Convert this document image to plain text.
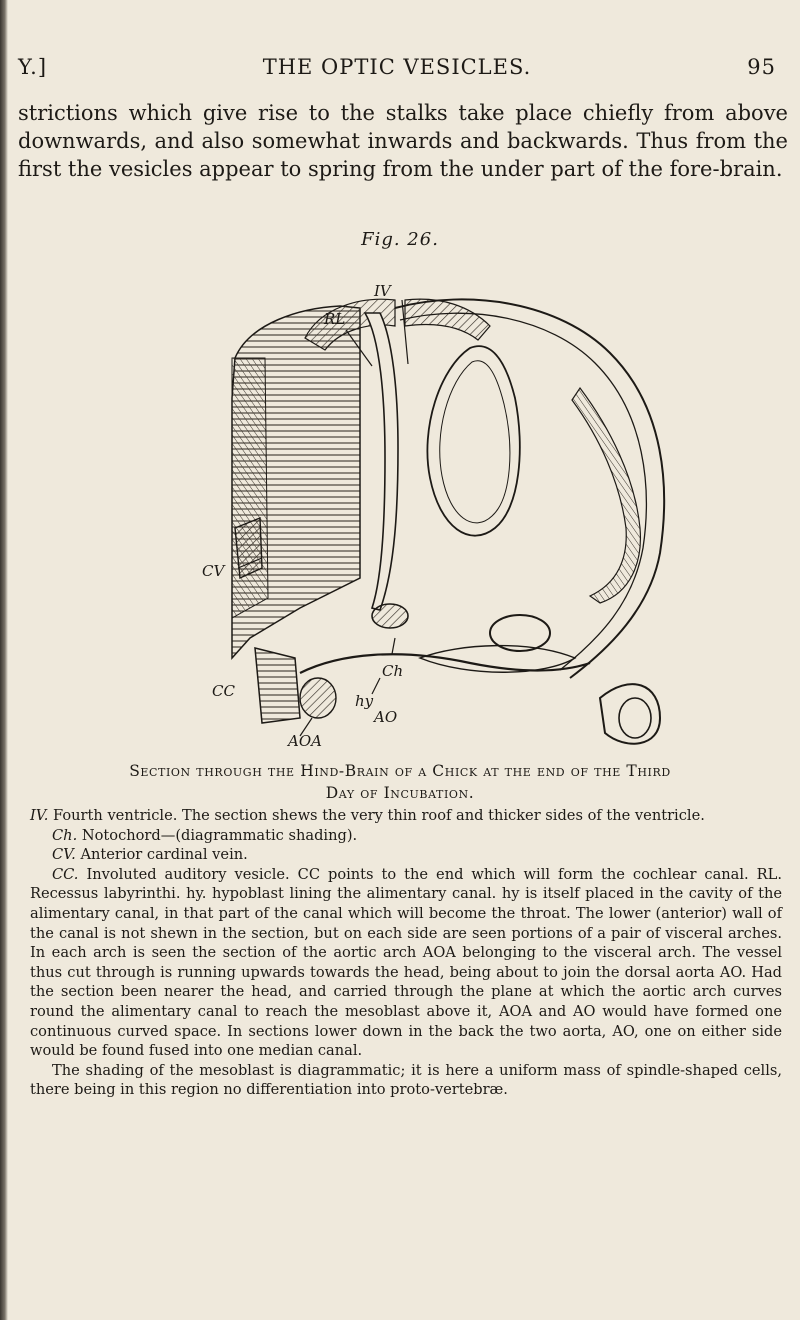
Y.]	THE OPTIC VESICLES.	95

strictions which give rise to the stalks take place chiefly from above downwards, and also somewhat inwards and backwards. Thus from the first the vesicles appear to spring from the under part of the fore-brain.

Fig. 26.
IV
RL
CV
CC
hy
Ch
AO
AOA
Section through the Hind-Brain of a Chick at the end of the Third
Day of Incubation.

IV. Fourth ventricle. The section shews the very thin roof and thicker sides of the ventricle.

Ch. Notochord—(diagrammatic shading).

CV. Anterior cardinal vein.

CC. Involuted auditory vesicle. CC points to the end which will form the cochlear canal. RL. Recessus labyrinthi. hy. hypoblast lining the alimentary canal. hy is itself placed in the cavity of the alimentary canal, in that part of the canal which will become the throat. The lower (anterior) wall of the canal is not shewn in the section, but on each side are seen portions of a pair of visceral arches. In each arch is seen the section of the aortic arch AOA belonging to the visceral arch. The vessel thus cut through is running upwards towards the head, being about to join the dorsal aorta AO. Had the section been nearer the head, and carried through the plane at which the aortic arch curves round the alimentary canal to reach the mesoblast above it, AOA and AO would have formed one continuous curved space. In sections lower down in the back the two aorta, AO, one on either side would be found fused into one median canal.

The shading of the mesoblast is diagrammatic; it is here a uniform mass of spindle-shaped cells, there being in this region no differentiation into proto-vertebræ.
